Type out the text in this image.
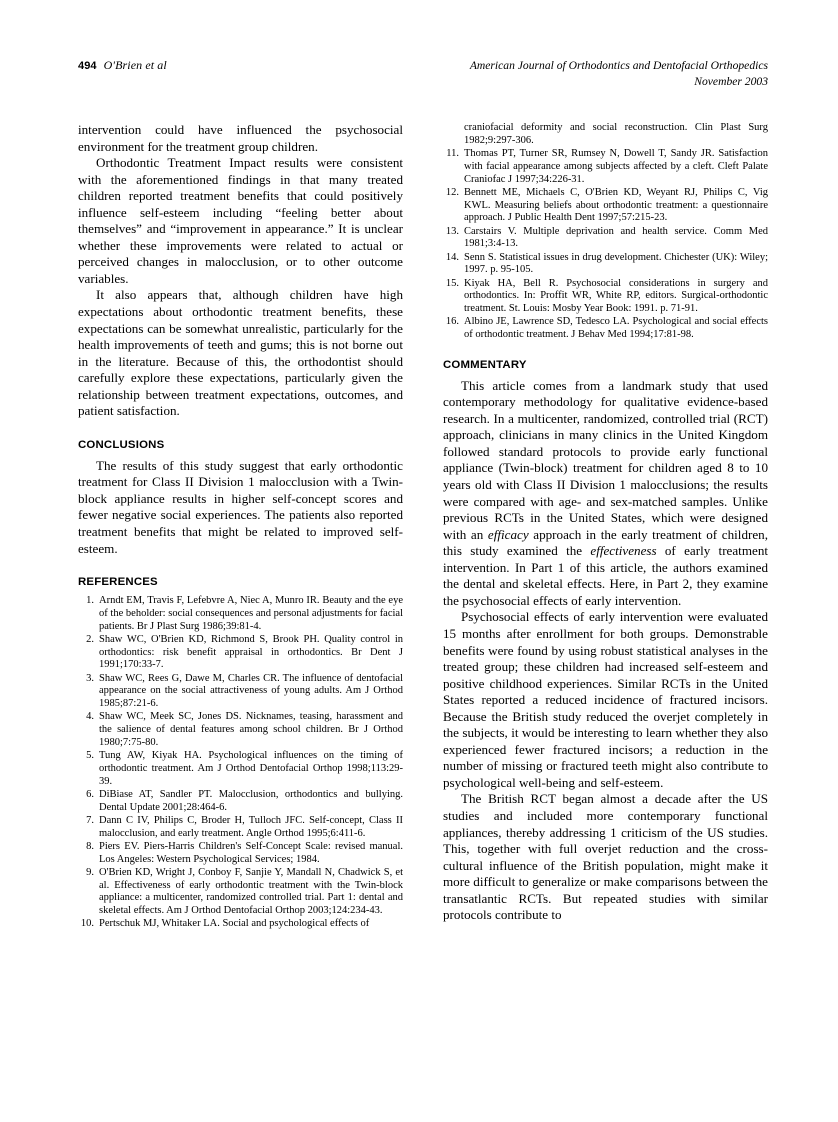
494 O'Brien et al	American Journal of Orthodontics and Dentofacial Orthopedics
November 2003

intervention could have influenced the psychosocial environment for the treatment group children.

Orthodontic Treatment Impact results were consistent with the aforementioned findings in that many treated children reported treatment benefits that could positively influence self-esteem including “feeling better about themselves” and “improvement in appearance.” It is unclear whether these improvements were related to actual or perceived changes in malocclusion, or to other outcome variables.

It also appears that, although children have high expectations about orthodontic treatment benefits, these expectations can be somewhat unrealistic, particularly for the health improvements of teeth and gums; this is not borne out in the literature. Because of this, the orthodontist should carefully explore these expectations, particularly given the relationship between treatment expectations, outcomes, and patient satisfaction.

CONCLUSIONS

The results of this study suggest that early orthodontic treatment for Class II Division 1 malocclusion with a Twin-block appliance results in higher self-concept scores and fewer negative social experiences. The patients also reported treatment benefits that might be related to improved self-esteem.

REFERENCES
1. Arndt EM, Travis F, Lefebvre A, Niec A, Munro IR. Beauty and the eye of the beholder: social consequences and personal adjustments for facial patients. Br J Plast Surg 1986;39:81-4.
2. Shaw WC, O'Brien KD, Richmond S, Brook PH. Quality control in orthodontics: risk benefit appraisal in orthodontics. Br Dent J 1991;170:33-7.
3. Shaw WC, Rees G, Dawe M, Charles CR. The influence of dentofacial appearance on the social attractiveness of young adults. Am J Orthod 1985;87:21-6.
4. Shaw WC, Meek SC, Jones DS. Nicknames, teasing, harassment and the salience of dental features among school children. Br J Orthod 1980;7:75-80.
5. Tung AW, Kiyak HA. Psychological influences on the timing of orthodontic treatment. Am J Orthod Dentofacial Orthop 1998;113:29-39.
6. DiBiase AT, Sandler PT. Malocclusion, orthodontics and bullying. Dental Update 2001;28:464-6.
7. Dann C IV, Philips C, Broder H, Tulloch JFC. Self-concept, Class II malocclusion, and early treatment. Angle Orthod 1995;6:411-6.
8. Piers EV. Piers-Harris Children's Self-Concept Scale: revised manual. Los Angeles: Western Psychological Services; 1984.
9. O'Brien KD, Wright J, Conboy F, Sanjie Y, Mandall N, Chadwick S, et al. Effectiveness of early orthodontic treatment with the Twin-block appliance: a multicenter, randomized controlled trial. Part 1: dental and skeletal effects. Am J Orthod Dentofacial Orthop 2003;124:234-43.
10. Pertschuk MJ, Whitaker LA. Social and psychological effects of

craniofacial deformity and social reconstruction. Clin Plast Surg 1982;9:297-306.

11. Thomas PT, Turner SR, Rumsey N, Dowell T, Sandy JR. Satisfaction with facial appearance among subjects affected by a cleft. Cleft Palate Craniofac J 1997;34:226-31.
12. Bennett ME, Michaels C, O'Brien KD, Weyant RJ, Philips C, Vig KWL. Measuring beliefs about orthodontic treatment: a questionnaire approach. J Public Health Dent 1997;57:215-23.
13. Carstairs V. Multiple deprivation and health service. Comm Med 1981;3:4-13.
14. Senn S. Statistical issues in drug development. Chichester (UK): Wiley; 1997. p. 95-105.
15. Kiyak HA, Bell R. Psychosocial considerations in surgery and orthodontics. In: Proffit WR, White RP, editors. Surgical-orthodontic treatment. St. Louis: Mosby Year Book: 1991. p. 71-91.
16. Albino JE, Lawrence SD, Tedesco LA. Psychological and social effects of orthodontic treatment. J Behav Med 1994;17:81-98.
COMMENTARY

This article comes from a landmark study that used contemporary methodology for qualitative evidence-based research. In a multicenter, randomized, controlled trial (RCT) approach, clinicians in many clinics in the United Kingdom followed standard protocols to provide early functional appliance (Twin-block) treatment for children aged 8 to 10 years old with Class II Division 1 malocclusions; the results were compared with age- and sex-matched samples. Unlike previous RCTs in the United States, which were designed with an efficacy approach in the early treatment of children, this study examined the effectiveness of early treatment intervention. In Part 1 of this article, the authors examined the dental and skeletal effects. Here, in Part 2, they examine the psychosocial effects of early intervention.

Psychosocial effects of early intervention were evaluated 15 months after enrollment for both groups. Demonstrable benefits were found by using robust statistical analyses in the treated group; these children had increased self-esteem and positive childhood experiences. Similar RCTs in the United States reported a reduced incidence of fractured incisors. Because the British study reduced the overjet completely in the subjects, it would be interesting to learn whether they also experienced fewer fractured incisors; a reduction in the number of missing or fractured teeth might also contribute to psychological well-being and self-esteem.

The British RCT began almost a decade after the US studies and included more contemporary functional appliances, thereby addressing 1 criticism of the US studies. This, together with full overjet reduction and the cross-cultural influence of the British population, might make it more difficult to generalize or make comparisons between the transatlantic RCTs. But repeated studies with similar protocols contribute to
